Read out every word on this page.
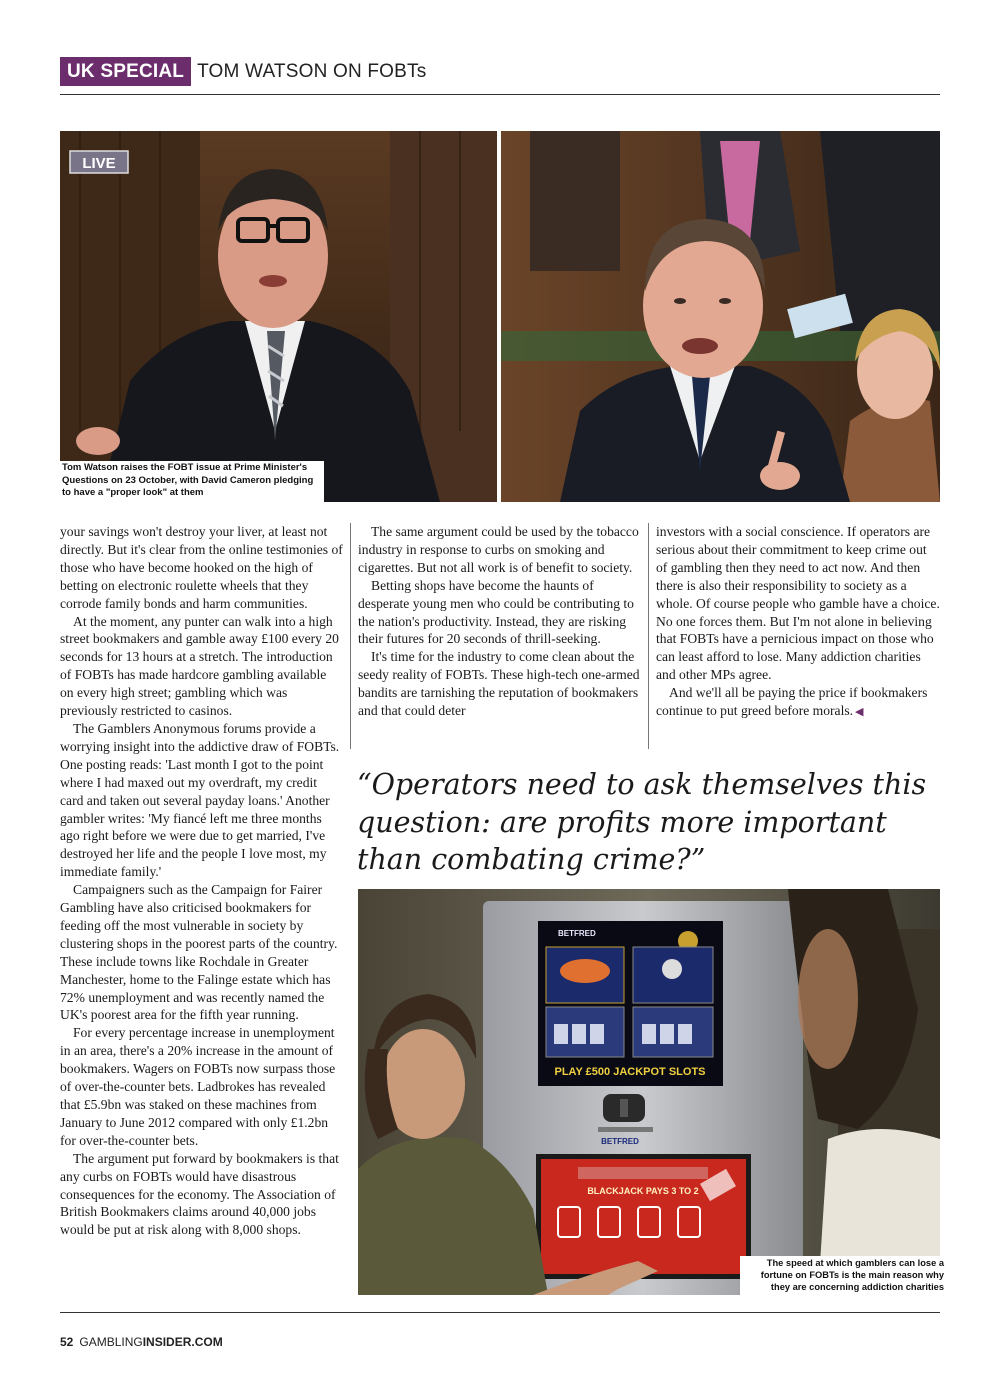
UK SPECIAL TOM WATSON ON FOBTs
LIVE
Tom Watson raises the FOBT issue at Prime Minister's Questions on 23 October, with David Cameron pledging to have a "proper look" at them

your savings won't destroy your liver, at least not directly. But it's clear from the online testimonies of those who have become hooked on the high of betting on electronic roulette wheels that they corrode family bonds and harm communities.

At the moment, any punter can walk into a high street bookmakers and gamble away £100 every 20 seconds for 13 hours at a stretch. The introduction of FOBTs has made hardcore gambling available on every high street; gambling which was previously restricted to casinos.

The Gamblers Anonymous forums provide a worrying insight into the addictive draw of FOBTs. One posting reads: 'Last month I got to the point where I had maxed out my overdraft, my credit card and taken out several payday loans.' Another gambler writes: 'My fiancé left me three months ago right before we were due to get married, I've destroyed her life and the people I love most, my immediate family.'

Campaigners such as the Campaign for Fairer Gambling have also criticised bookmakers for feeding off the most vulnerable in society by clustering shops in the poorest parts of the country. These include towns like Rochdale in Greater Manchester, home to the Falinge estate which has 72% unemployment and was recently named the UK's poorest area for the fifth year running.

For every percentage increase in unemployment in an area, there's a 20% increase in the amount of bookmakers. Wagers on FOBTs now surpass those of over-the-counter bets. Ladbrokes has revealed that £5.9bn was staked on these machines from January to June 2012 compared with only £1.2bn for over-the-counter bets.

The argument put forward by bookmakers is that any curbs on FOBTs would have disastrous consequences for the economy. The Association of British Bookmakers claims around 40,000 jobs would be put at risk along with 8,000 shops.

The same argument could be used by the tobacco industry in response to curbs on smoking and cigarettes. But not all work is of benefit to society.

Betting shops have become the haunts of desperate young men who could be contributing to the nation's productivity. Instead, they are risking their futures for 20 seconds of thrill-seeking.

It's time for the industry to come clean about the seedy reality of FOBTs. These high-tech one-armed bandits are tarnishing the reputation of bookmakers and that could deter

investors with a social conscience. If operators are serious about their commitment to keep crime out of gambling then they need to act now. And then there is also their responsibility to society as a whole. Of course people who gamble have a choice. No one forces them. But I'm not alone in believing that FOBTs have a pernicious impact on those who can least afford to lose. Many addiction charities and other MPs agree.

And we'll all be paying the price if bookmakers continue to put greed before morals. ◀

“Operators need to ask themselves this question: are profits more important than combating crime?”
BETFRED
PLAY £500 JACKPOT SLOTS
BETFRED
BLACKJACK PAYS 3 TO 2
The speed at which gamblers can lose a fortune on FOBTs is the main reason why they are concerning addiction charities
52 GAMBLINGINSIDER.COM
